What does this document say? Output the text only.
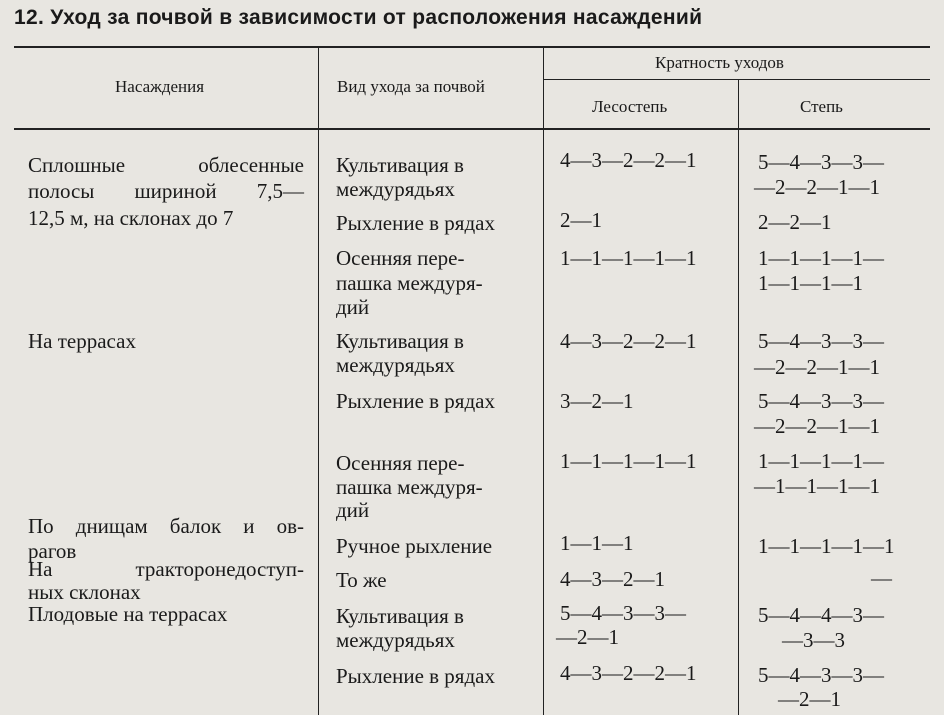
12. Уход за почвой в зависимости от расположения насаждений
Насаждения	Вид ухода за почвой
Кратность уходов
Лесостепь	Степь
Сплошные облесенные
полосы шириной 7,5—
12,5 м, на склонах до 7
На террасах
По днищам балок и ов-
рагов
На тракторонедоступ-
ных склонах
Плодовые на террасах
Культивация в
междурядьях
Рыхление в рядах
Осенняя пере-
пашка междуря-
дий
Культивация в
междурядьях
Рыхление в рядах
Осенняя пере-
пашка междуря-
дий
Ручное рыхление
То же
Культивация в
междурядьях
Рыхление в рядах
4—3—2—2—1
2—1
1—1—1—1—1
4—3—2—2—1
3—2—1
1—1—1—1—1
1—1—1
4—3—2—1
5—4—3—3—
—2—1
4—3—2—2—1
5—4—3—3—
—2—2—1—1
2—2—1
1—1—1—1—
1—1—1—1
5—4—3—3—
—2—2—1—1
5—4—3—3—
—2—2—1—1
1—1—1—1—
—1—1—1—1
1—1—1—1—1
—
5—4—4—3—
—3—3
5—4—3—3—
—2—1
